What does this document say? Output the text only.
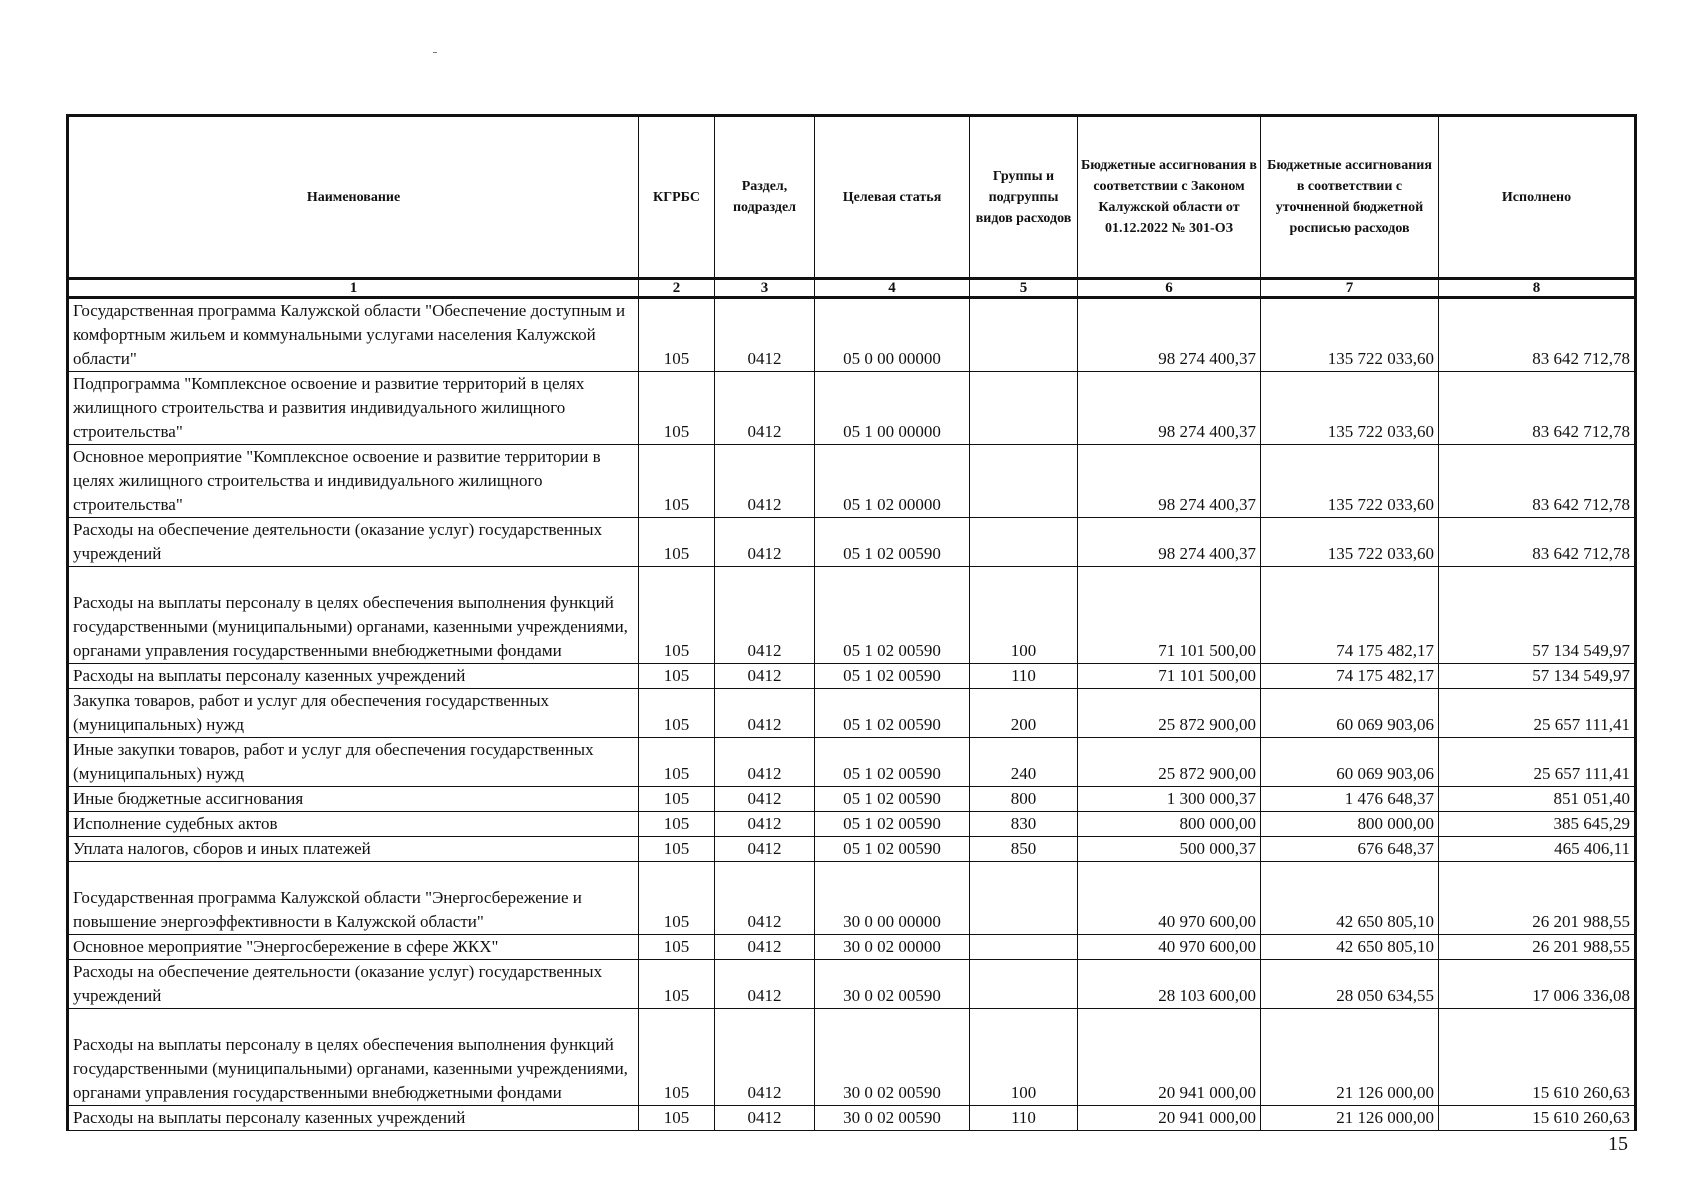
Наименование	КГРБС	Раздел, подраздел	Целевая статья	Группы и подгруппы видов расходов	Бюджетные ассигнования в соответствии с Законом Калужской области от 01.12.2022 № 301-ОЗ	Бюджетные ассигнования в соответствии с уточненной бюджетной росписью расходов	Исполнено
1	2	3	4	5	6	7	8
Государственная программа Калужской области "Обеспечение доступным и комфортным жильем и коммунальными услугами населения Калужской области"	105	0412	05 0 00 00000		98 274 400,37	135 722 033,60	83 642 712,78
Подпрограмма "Комплексное освоение и развитие территорий в целях жилищного строительства и развития индивидуального жилищного строительства"	105	0412	05 1 00 00000		98 274 400,37	135 722 033,60	83 642 712,78
Основное мероприятие "Комплексное освоение и развитие территории в целях жилищного строительства и индивидуального жилищного строительства"	105	0412	05 1 02 00000		98 274 400,37	135 722 033,60	83 642 712,78
Расходы на обеспечение деятельности (оказание услуг) государственных учреждений	105	0412	05 1 02 00590		98 274 400,37	135 722 033,60	83 642 712,78
Расходы на выплаты персоналу в целях обеспечения выполнения функций государственными (муниципальными) органами, казенными учреждениями, органами управления государственными внебюджетными фондами	105	0412	05 1 02 00590	100	71 101 500,00	74 175 482,17	57 134 549,97
Расходы на выплаты персоналу казенных учреждений	105	0412	05 1 02 00590	110	71 101 500,00	74 175 482,17	57 134 549,97
Закупка товаров, работ и услуг для обеспечения государственных (муниципальных) нужд	105	0412	05 1 02 00590	200	25 872 900,00	60 069 903,06	25 657 111,41
Иные закупки товаров, работ и услуг для обеспечения государственных (муниципальных) нужд	105	0412	05 1 02 00590	240	25 872 900,00	60 069 903,06	25 657 111,41
Иные бюджетные ассигнования	105	0412	05 1 02 00590	800	1 300 000,37	1 476 648,37	851 051,40
Исполнение судебных актов	105	0412	05 1 02 00590	830	800 000,00	800 000,00	385 645,29
Уплата налогов, сборов и иных платежей	105	0412	05 1 02 00590	850	500 000,37	676 648,37	465 406,11
Государственная программа Калужской области "Энергосбережение и повышение энергоэффективности в Калужской области"	105	0412	30 0 00 00000		40 970 600,00	42 650 805,10	26 201 988,55
Основное мероприятие "Энергосбережение в сфере ЖКХ"	105	0412	30 0 02 00000		40 970 600,00	42 650 805,10	26 201 988,55
Расходы на обеспечение деятельности (оказание услуг) государственных учреждений	105	0412	30 0 02 00590		28 103 600,00	28 050 634,55	17 006 336,08
Расходы на выплаты персоналу в целях обеспечения выполнения функций государственными (муниципальными) органами, казенными учреждениями, органами управления государственными внебюджетными фондами	105	0412	30 0 02 00590	100	20 941 000,00	21 126 000,00	15 610 260,63
Расходы на выплаты персоналу казенных учреждений	105	0412	30 0 02 00590	110	20 941 000,00	21 126 000,00	15 610 260,63
15
